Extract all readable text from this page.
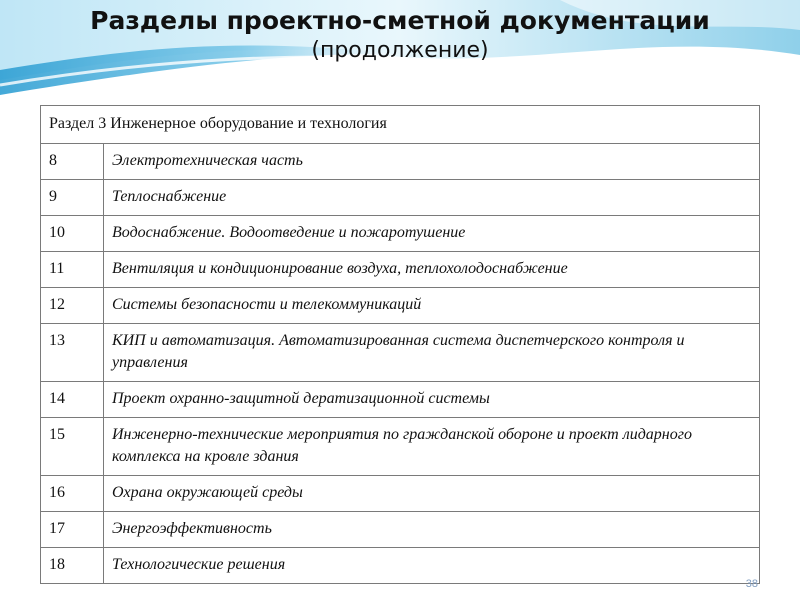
Разделы проектно-сметной документации
(продолжение)
Раздел 3 Инженерное оборудование и технология	
8	Электротехническая часть
9	Теплоснабжение
10	Водоснабжение. Водоотведение и пожаротушение
11	Вентиляция и кондиционирование воздуха, теплохолодоснабжение
12	Системы безопасности и телекоммуникаций
13	КИП и автоматизация. Автоматизированная система диспетчерского контроля и управления
14	Проект охранно-защитной дератизационной системы
15	Инженерно-технические мероприятия по гражданской обороне и проект лидарного комплекса на кровле здания
16	Охрана окружающей среды
17	Энергоэффективность
18	Технологические решения
38
